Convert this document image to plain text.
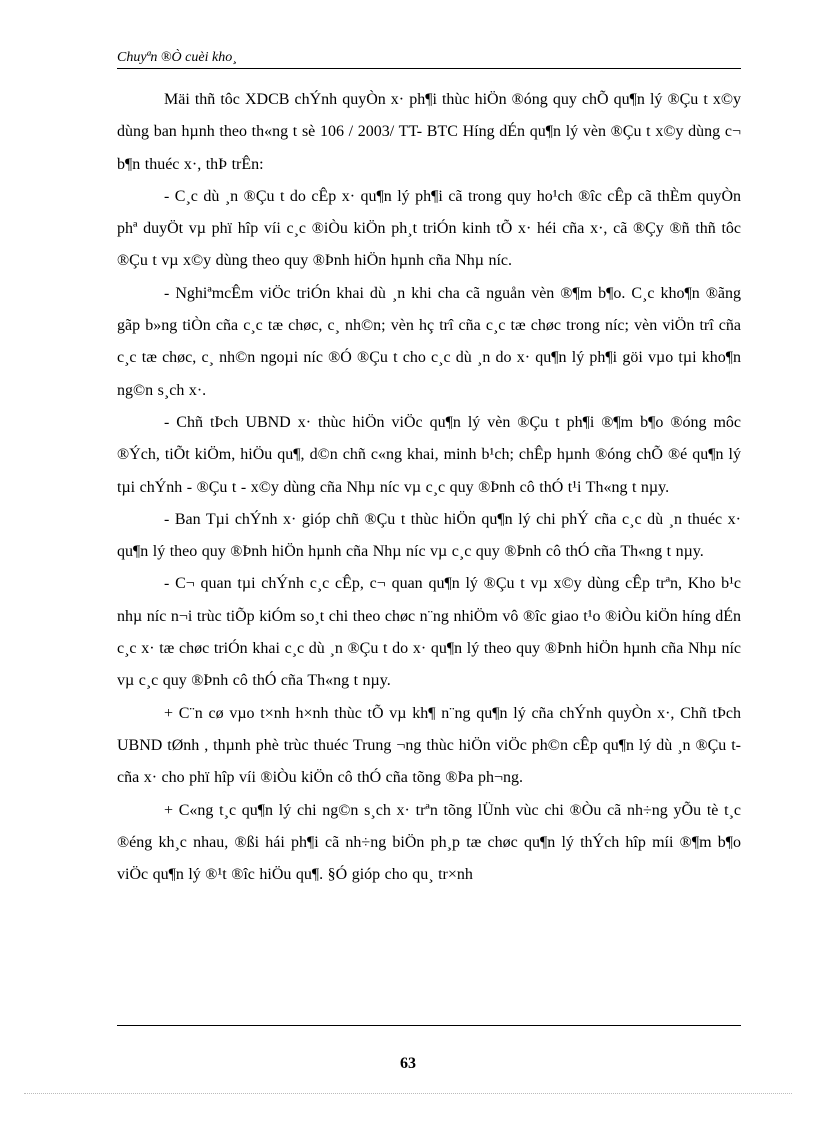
Chuyªn ®Ò cuèi kho¸

Mäi thñ tôc XDCB chÝnh quyÒn x· ph¶i thùc hiÖn ®óng quy chÕ qu¶n lý ®Çu t x©y dùng ban hµnh theo th«ng t sè 106 / 2003/ TT- BTC Híng dÉn qu¶n lý vèn ®Çu t x©y dùng c¬ b¶n thuéc x·, thÞ trÊn:

- C¸c dù ¸n ®Çu t do cÊp x· qu¶n lý ph¶i cã trong quy ho¹ch ®îc cÊp cã thÈm quyÒn phª duyÖt vµ phï hîp víi c¸c ®iÒu kiÖn ph¸t triÓn kinh tÕ x· héi cña x·, cã ®Çy ®ñ thñ tôc ®Çu t vµ x©y dùng theo quy ®Þnh hiÖn hµnh cña Nhµ níc.

- NghiªmcÊm viÖc triÓn khai dù ¸n khi cha cã nguån vèn ®¶m b¶o. C¸c kho¶n ®ãng gãp b»ng tiÒn cña c¸c tæ chøc, c¸ nh©n; vèn hç trî cña c¸c tæ chøc trong níc; vèn viÖn trî cña c¸c tæ chøc, c¸ nh©n ngoµi níc ®Ó ®Çu t cho c¸c dù ¸n do x· qu¶n lý ph¶i göi vµo tµi kho¶n ng©n s¸ch x·.

- Chñ tÞch UBND x· thùc hiÖn viÖc qu¶n lý vèn ®Çu t ph¶i ®¶m b¶o ®óng môc ®Ých, tiÕt kiÖm, hiÖu qu¶, d©n chñ c«ng khai, minh b¹ch; chÊp hµnh ®óng chÕ ®é qu¶n lý tµi chÝnh - ®Çu t - x©y dùng cña Nhµ níc vµ c¸c quy ®Þnh cô thÓ t¹i Th«ng t nµy.

- Ban Tµi chÝnh x· gióp chñ ®Çu t thùc hiÖn qu¶n lý chi phÝ cña c¸c dù ¸n thuéc x· qu¶n lý theo quy ®Þnh hiÖn hµnh cña Nhµ níc vµ c¸c quy ®Þnh cô thÓ cña Th«ng t nµy.

- C¬ quan tµi chÝnh c¸c cÊp, c¬ quan qu¶n lý ®Çu t vµ x©y dùng cÊp trªn, Kho b¹c nhµ níc n¬i trùc tiÕp kiÓm so¸t chi theo chøc n¨ng nhiÖm vô ®îc giao t¹o ®iÒu kiÖn híng dÉn c¸c x· tæ chøc triÓn khai c¸c dù ¸n ®Çu t do x· qu¶n lý theo quy ®Þnh hiÖn hµnh cña Nhµ níc vµ c¸c quy ®Þnh cô thÓ cña Th«ng t nµy.

+ C¨n cø vµo t×nh h×nh thùc tÕ vµ kh¶ n¨ng qu¶n lý cña chÝnh quyÒn x·, Chñ tÞch UBND tØnh , thµnh phè trùc thuéc Trung ¬ng thùc hiÖn viÖc ph©n cÊp qu¶n lý dù ¸n ®Çu t cña x· cho phï hîp víi ®iÒu kiÖn cô thÓ cña tõng ®Þa ph¬ng.

+ C«ng t¸c qu¶n lý chi ng©n s¸ch x· trªn tõng lÜnh vùc chi ®Òu cã nh÷ng yÕu tè t¸c ®éng kh¸c nhau, ®ßi hái ph¶i cã nh÷ng biÖn ph¸p tæ chøc qu¶n lý thÝch hîp míi ®¶m b¶o viÖc qu¶n lý ®¹t ®îc hiÖu qu¶. §Ó gióp cho qu¸ tr×nh

63
